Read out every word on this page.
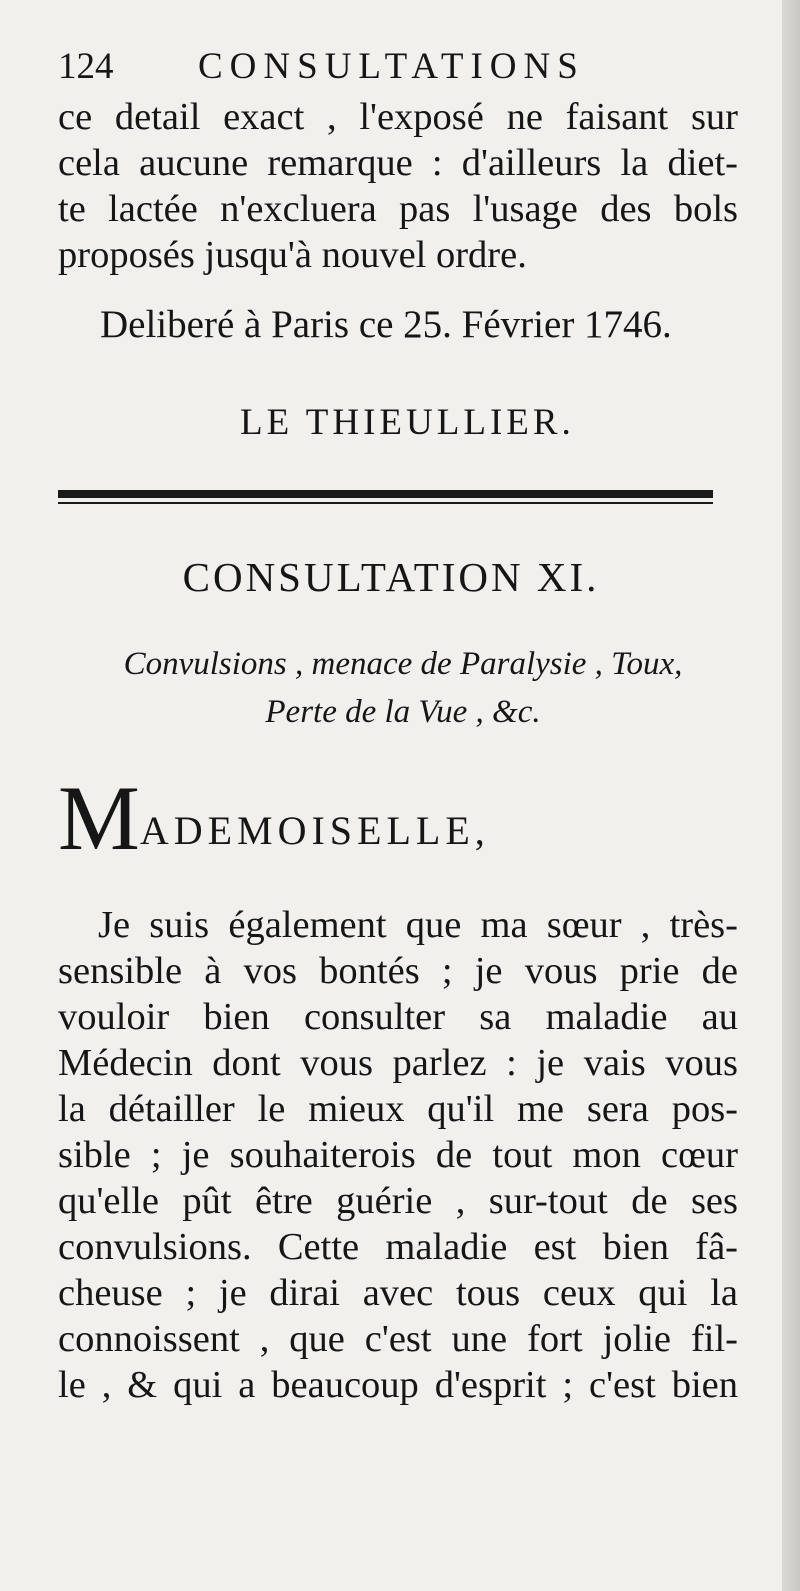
124 CONSULTATIONS
ce detail exact , l'exposé ne faisant sur
cela aucune remarque : d'ailleurs la diet-
te lactée n'excluera pas l'usage des bols
proposés jusqu'à nouvel ordre.
Deliberé à Paris ce 25. Février 1746.
LE THIEULLIER.
CONSULTATION XI.
Convulsions , menace de Paralysie , Toux,
Perte de la Vue , &c.
MADEMOISELLE,
Je suis également que ma sœur , très-
sensible à vos bontés ; je vous prie de
vouloir bien consulter sa maladie au
Médecin dont vous parlez : je vais vous
la détailler le mieux qu'il me sera pos-
sible ; je souhaiterois de tout mon cœur
qu'elle pût être guérie , sur-tout de ses
convulsions. Cette maladie est bien fâ-
cheuse ; je dirai avec tous ceux qui la
connoissent , que c'est une fort jolie fil-
le , & qui a beaucoup d'esprit ; c'est bien
